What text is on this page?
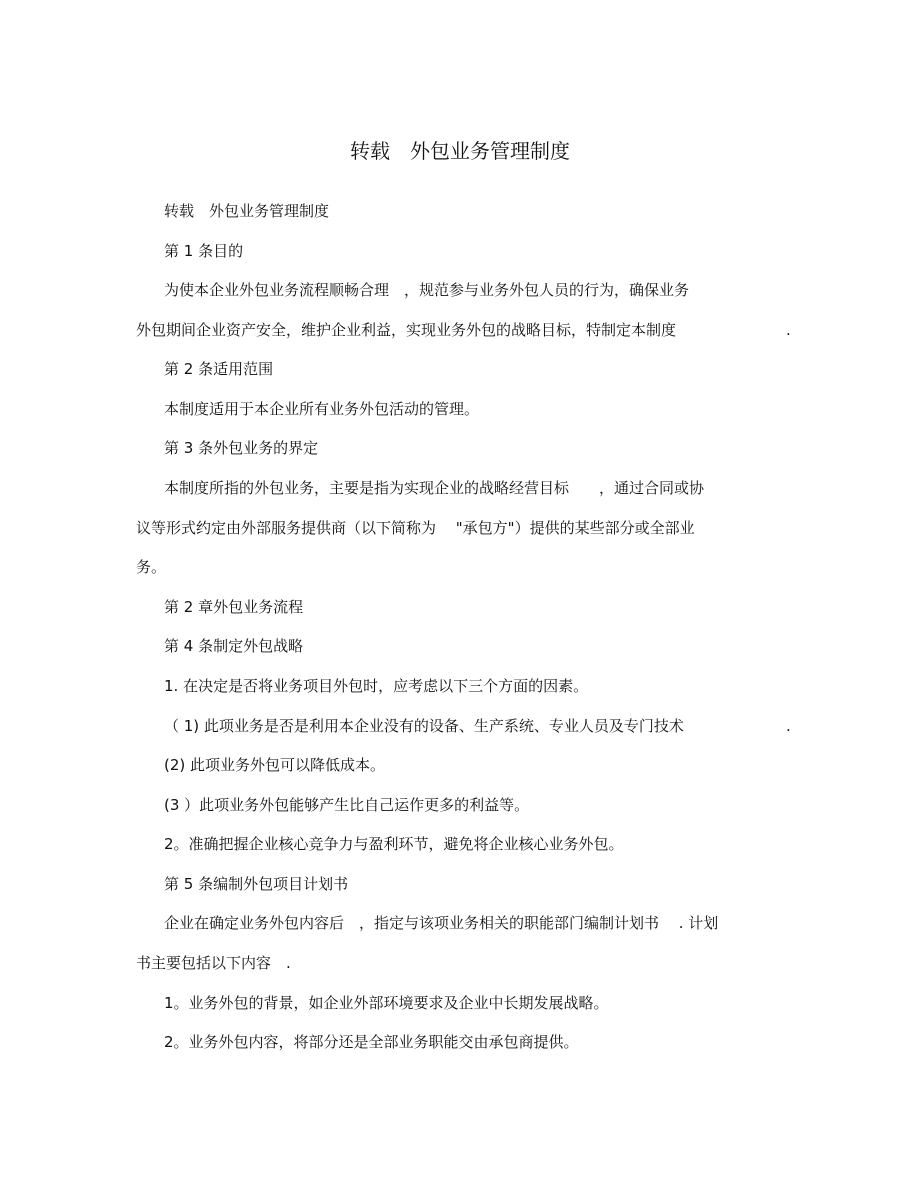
转载　外包业务管理制度
转载　外包业务管理制度
第 1 条目的
为使本企业外包业务流程顺畅合理　，规范参与业务外包人员的行为，确保业务
外包期间企业资产安全，维护企业利益，实现业务外包的战略目标，特制定本制度	.
第 2 条适用范围
本制度适用于本企业所有业务外包活动的管理。
第 3 条外包业务的界定
本制度所指的外包业务，主要是指为实现企业的战略经营目标　　，通过合同或协
议等形式约定由外部服务提供商（以下简称为　 "承包方"）提供的某些部分或全部业
务。
第 2 章外包业务流程
第 4 条制定外包战略
1. 在决定是否将业务项目外包时，应考虑以下三个方面的因素。
（ 1) 此项业务是否是利用本企业没有的设备、生产系统、专业人员及专门技术	.
(2) 此项业务外包可以降低成本。
(3 ）此项业务外包能够产生比自己运作更多的利益等。
2。准确把握企业核心竞争力与盈利环节，避免将企业核心业务外包。
第 5 条编制外包项目计划书
企业在确定业务外包内容后　，指定与该项业务相关的职能部门编制计划书　 . 计划
书主要包括以下内容　.
1。业务外包的背景，如企业外部环境要求及企业中长期发展战略。
2。业务外包内容，将部分还是全部业务职能交由承包商提供。
